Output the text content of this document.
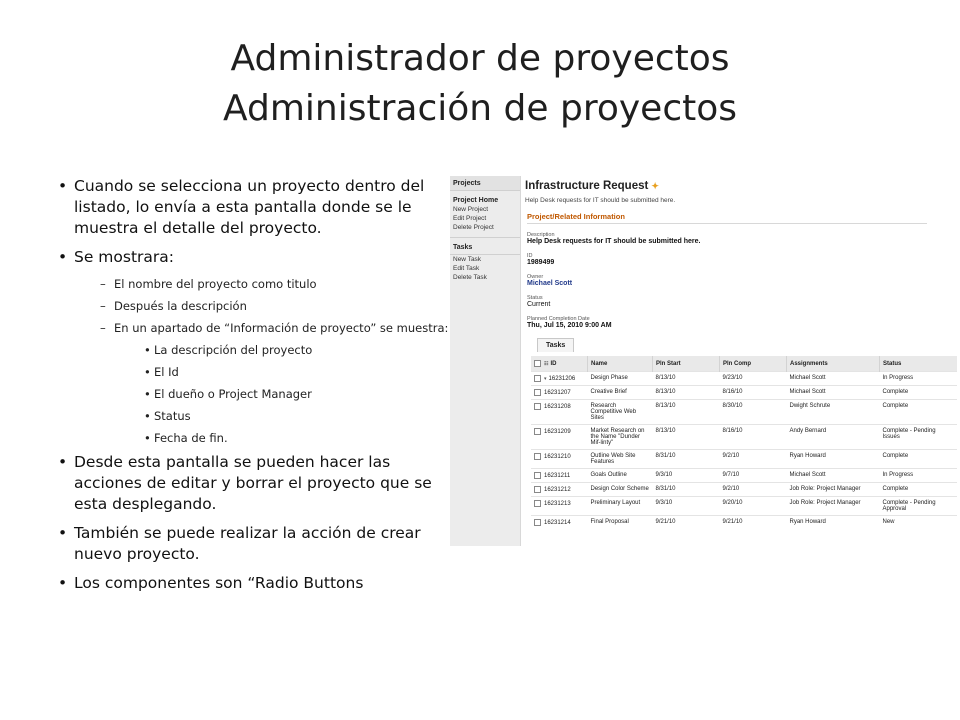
Administrador de proyectos
Administración de proyectos
• Cuando se selecciona un proyecto dentro del listado, lo envía a esta pantalla donde se le muestra el detalle del proyecto.
• Se mostrara:
– El nombre del proyecto como titulo
– Después la descripción
– En un apartado de “Información de proyecto” se muestra:
• La descripción del proyecto
• El Id
• El dueño o Project Manager
• Status
• Fecha de fin.
• Desde esta pantalla se pueden hacer las acciones de editar y borrar el proyecto que se esta desplegando.
• También se puede realizar la acción de crear nuevo proyecto.
• Los componentes son “Radio Buttons
Projects
Project Home
New Project
Edit Project
Delete Project
Tasks
New Task
Edit Task
Delete Task
Infrastructure Request ✦
Help Desk requests for IT should be submitted here.
Project/Related Information
Description
Help Desk requests for IT should be submitted here.
ID
1989499
Owner
Michael Scott
Status
Current
Planned Completion Date
Thu, Jul 15, 2010 9:00 AM
Tasks
☷ ID	Name	Pln Start	Pln Comp	Assignments	Status
▾ 16231206	Design Phase	8/13/10	9/23/10	Michael Scott	In Progress
16231207	Creative Brief	8/13/10	8/16/10	Michael Scott	Complete
16231208	Research Competitive Web Sites	8/13/10	8/30/10	Dwight Schrute	Complete
16231209	Market Research on the Name "Dunder Mif-linty"	8/13/10	8/16/10	Andy Bernard	Complete - Pending Issues
16231210	Outline Web Site Features	8/31/10	9/2/10	Ryan Howard	Complete
16231211	Goals Outline	9/3/10	9/7/10	Michael Scott	In Progress
16231212	Design Color Scheme	8/31/10	9/2/10	Job Role: Project Manager	Complete
16231213	Preliminary Layout	9/3/10	9/20/10	Job Role: Project Manager	Complete - Pending Approval
16231214	Final Proposal	9/21/10	9/21/10	Ryan Howard	New
